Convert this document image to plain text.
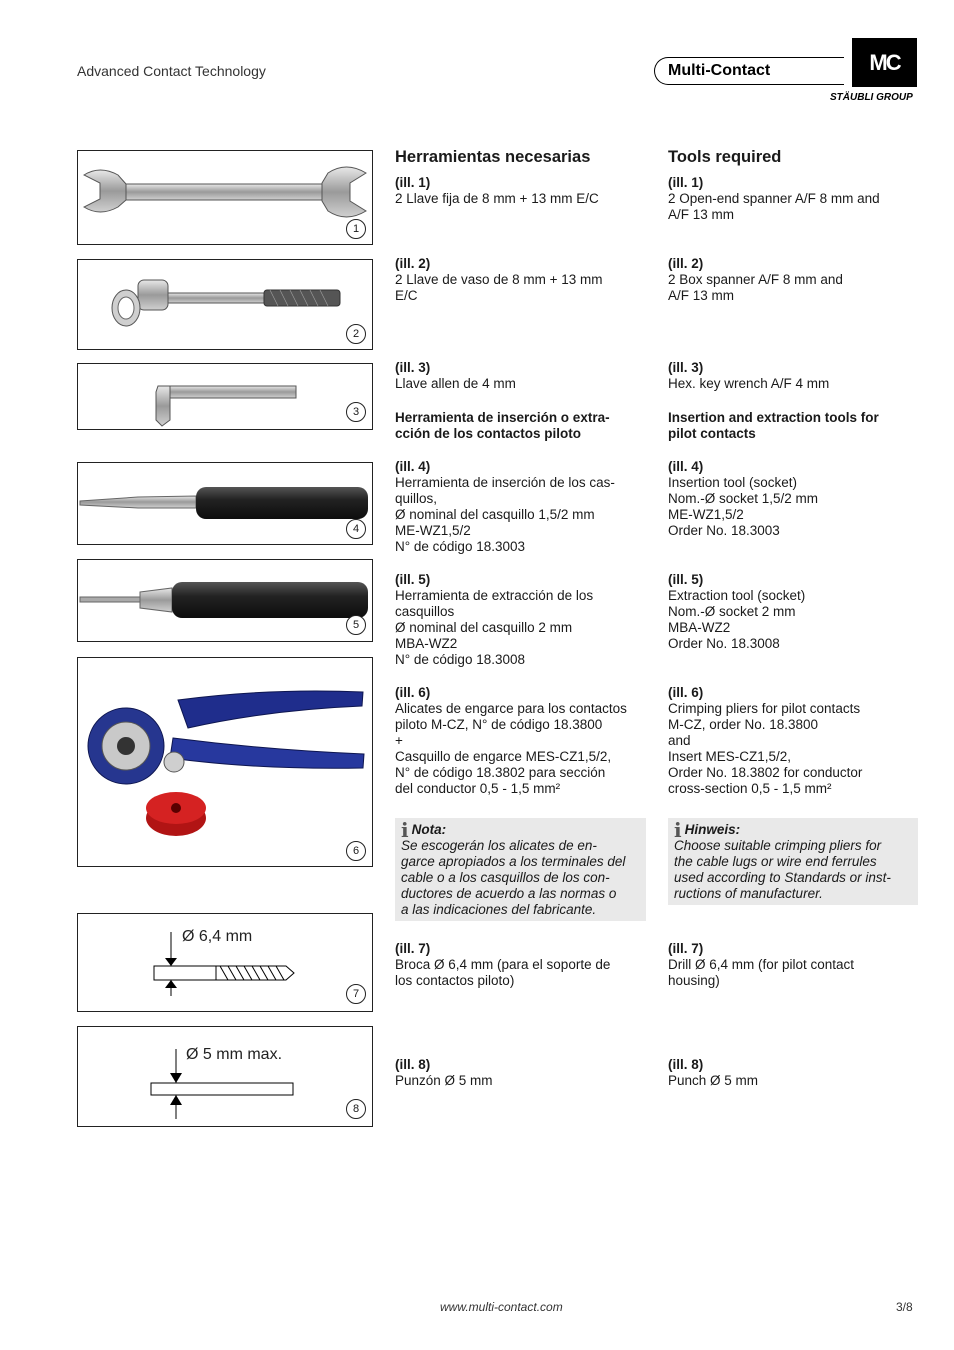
Advanced Contact Technology	Multi-Contact	MC
STÄUBLI GROUP
1
2
3
4
5
6
Ø 6,4 mm
7
Ø 5 mm max.
8
Herramientas necesarias	Tools required
(ill. 1)
2 Llave fija de 8 mm + 13 mm E/C
(ill. 1)
2 Open-end spanner A/F 8 mm and
A/F 13 mm
(ill. 2)
2 Llave de vaso de 8 mm + 13 mm
E/C
(ill. 2)
2 Box spanner A/F 8 mm and
A/F 13 mm
(ill. 3)
Llave allen de 4 mm
(ill. 3)
Hex. key wrench A/F 4 mm
Herramienta de inserción o extra-
cción de los contactos piloto
Insertion and extraction tools for
pilot contacts
(ill. 4)
Herramienta de inserción de los cas-
quillos,
Ø nominal del casquillo 1,5/2 mm
ME-WZ1,5/2
N° de código 18.3003
(ill. 4)
Insertion tool (socket)
Nom.-Ø socket 1,5/2 mm
ME-WZ1,5/2
Order No. 18.3003
(ill. 5)
Herramienta de extracción de los
casquillos
Ø nominal del casquillo 2 mm
MBA-WZ2
N° de código 18.3008
(ill. 5)
Extraction tool (socket)
Nom.-Ø socket 2 mm
MBA-WZ2
Order No. 18.3008
(ill. 6)
Alicates de engarce para los contactos
piloto M-CZ, N° de código 18.3800
+
Casquillo de engarce MES-CZ1,5/2,
N° de código 18.3802 para sección
del conductor 0,5 - 1,5 mm²
(ill. 6)
Crimping pliers for pilot contacts
M-CZ, order No. 18.3800
and
Insert MES-CZ1,5/2,
Order No. 18.3802 for conductor
cross-section 0,5 - 1,5 mm²
i Nota:
Se escogerán los alicates de en-
garce apropiados a los terminales del
cable o a los casquillos de los con-
ductores de acuerdo a las normas o
a las indicaciones del fabricante.
i Hinweis:
Choose suitable crimping pliers for
the cable lugs or wire end ferrules
used according to Standards or inst-
ructions of manufacturer.
(ill. 7)
Broca Ø 6,4 mm (para el soporte de
los contactos piloto)
(ill. 7)
Drill Ø 6,4 mm (for pilot contact
housing)
(ill. 8)
Punzón Ø 5 mm
(ill. 8)
Punch Ø 5 mm
www.multi-contact.com	3/8
